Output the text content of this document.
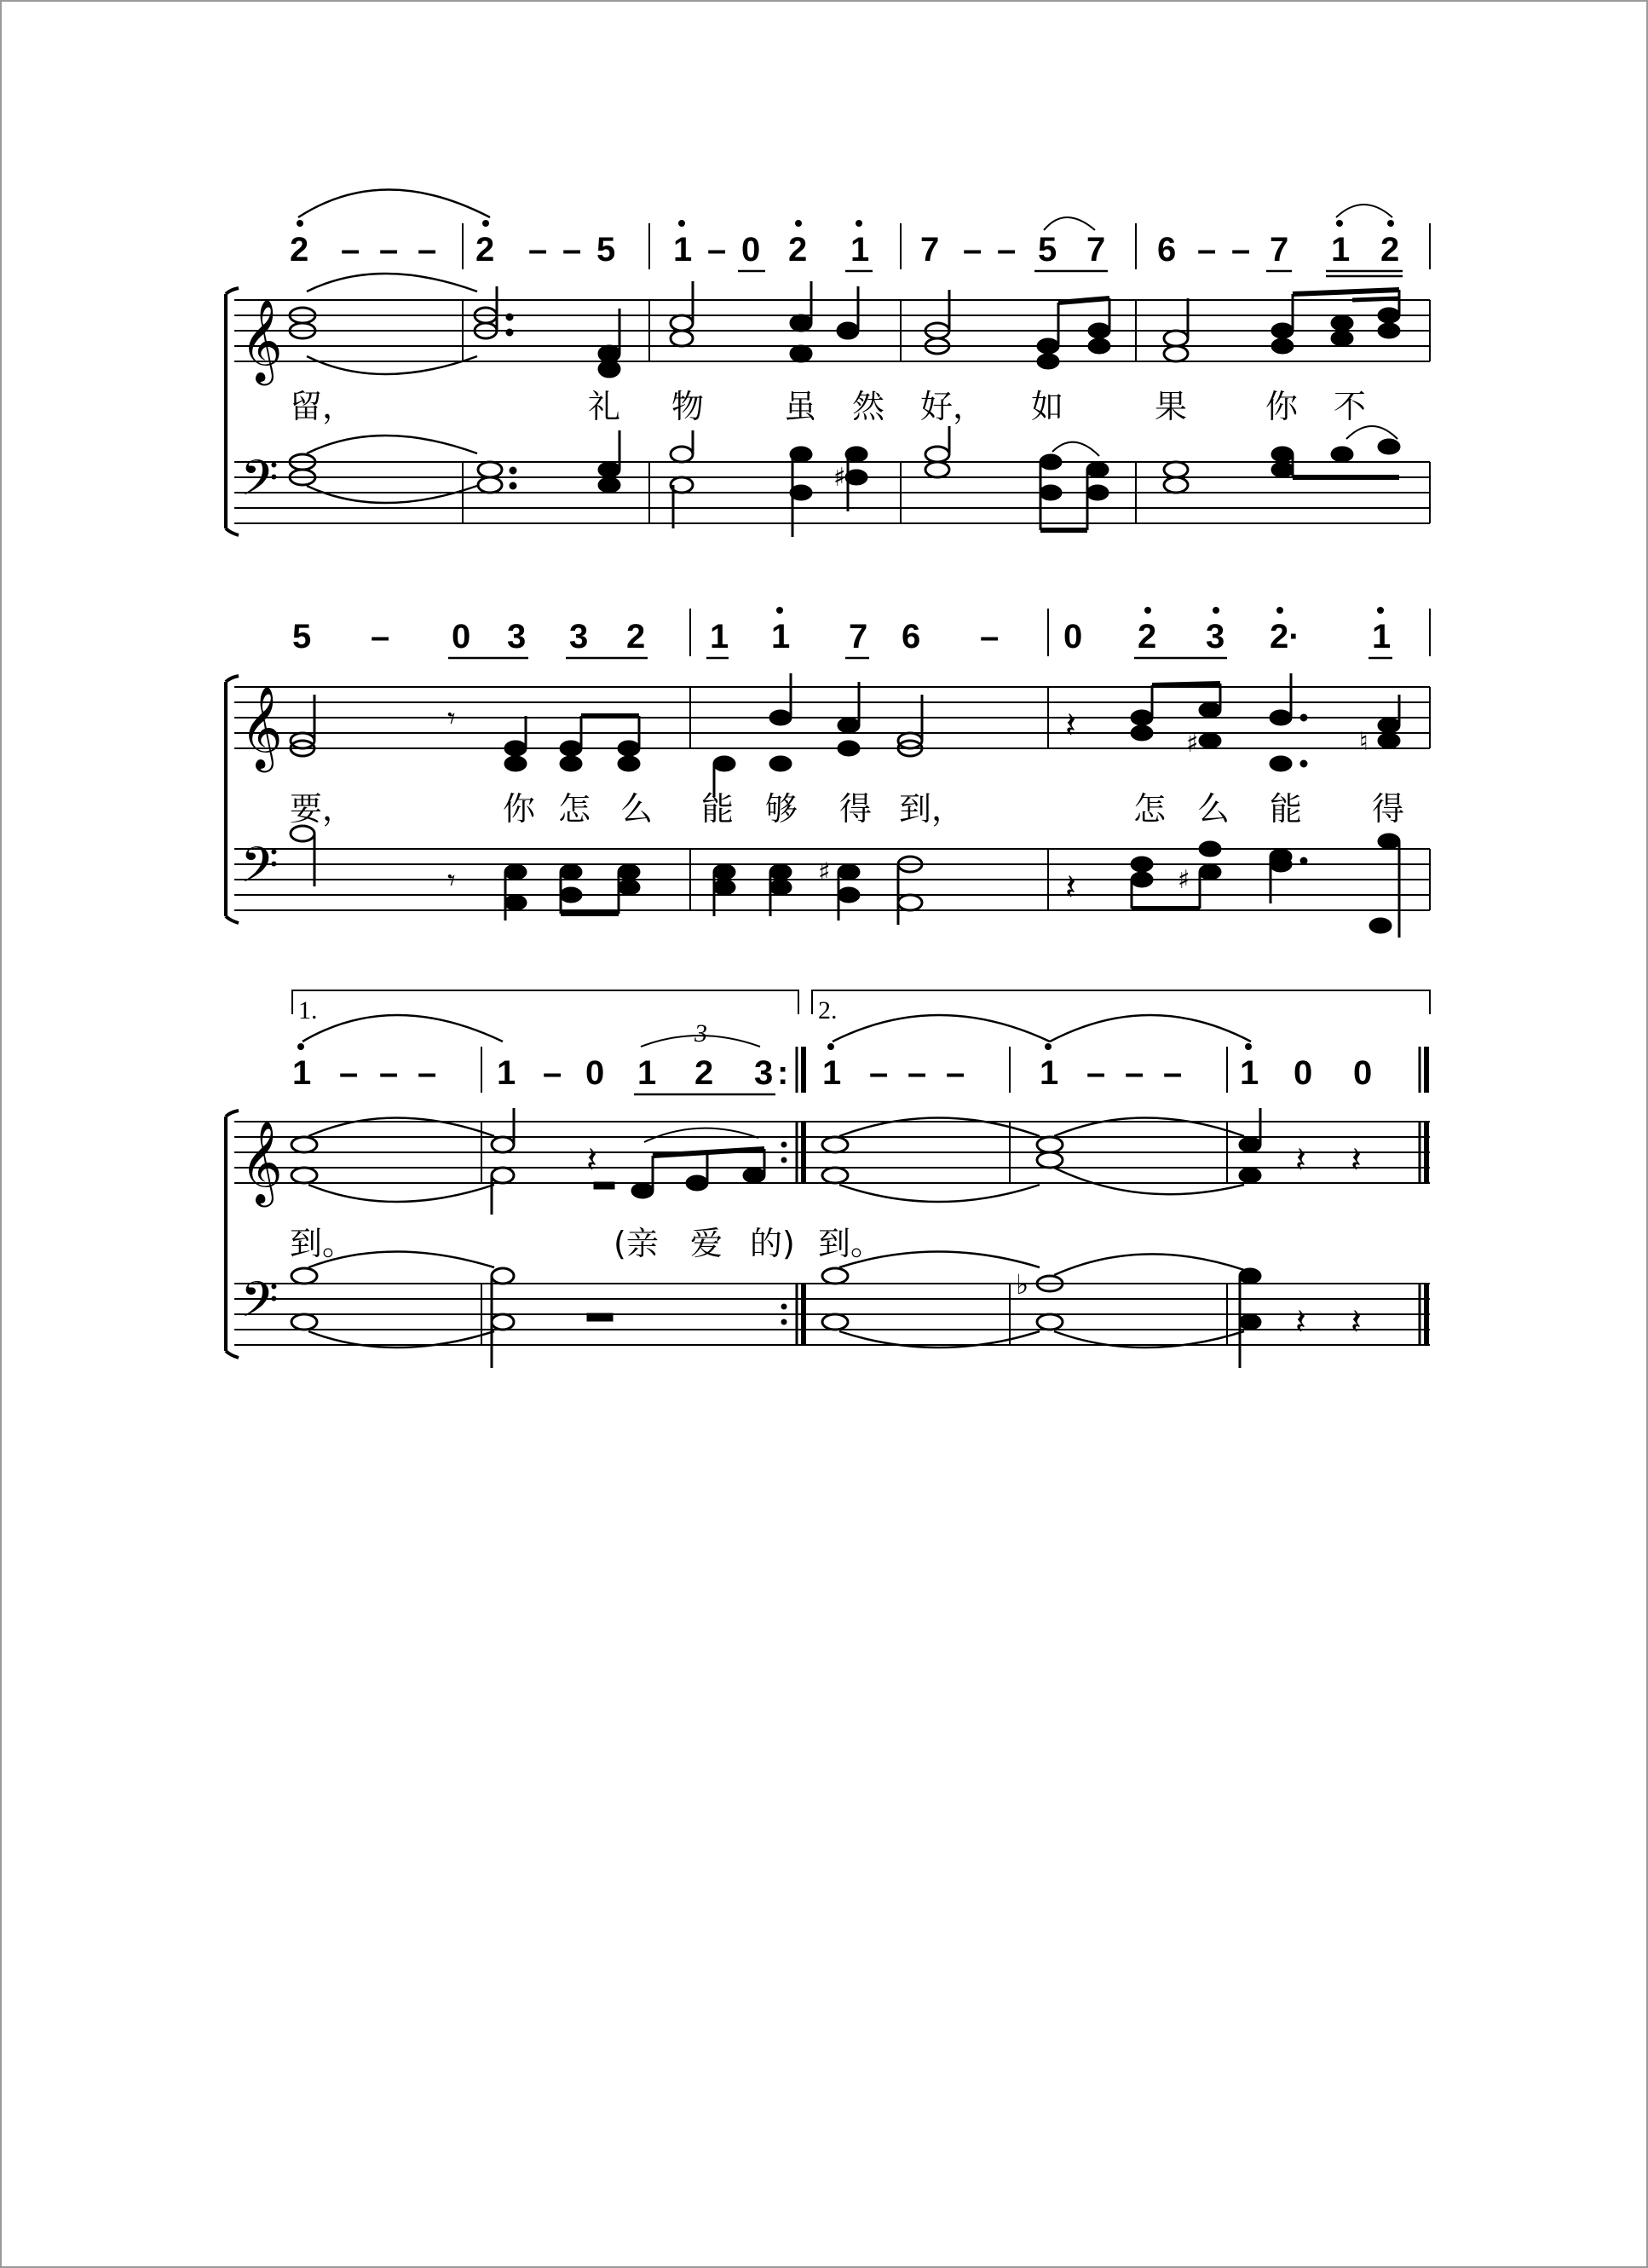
2 – – – 2 – – 5 1 – 0 2 1 7 – – 5 7 6 – – 7 1 2
𝄞
留，	礼 物 虽 然 好， 如	果 你 不
𝄢	♯
5 – 0 3 3 2 1 1 7 6 – 0 2 3 2· 1
𝄞	𝄾	𝄽	♯	♮
要，	你 怎 么 能 够 得 到，	怎 么 能 得
𝄢	𝄾	♯	𝄽	♯
1.	2.
1 – – – 1 – 0 1 2 3 : 1 – – – 1 – – – 1 0 0
3
𝄞	𝄽	𝄽 𝄽
到。	(亲 爱 的) 到。
𝄢	♭
𝄽 𝄽
